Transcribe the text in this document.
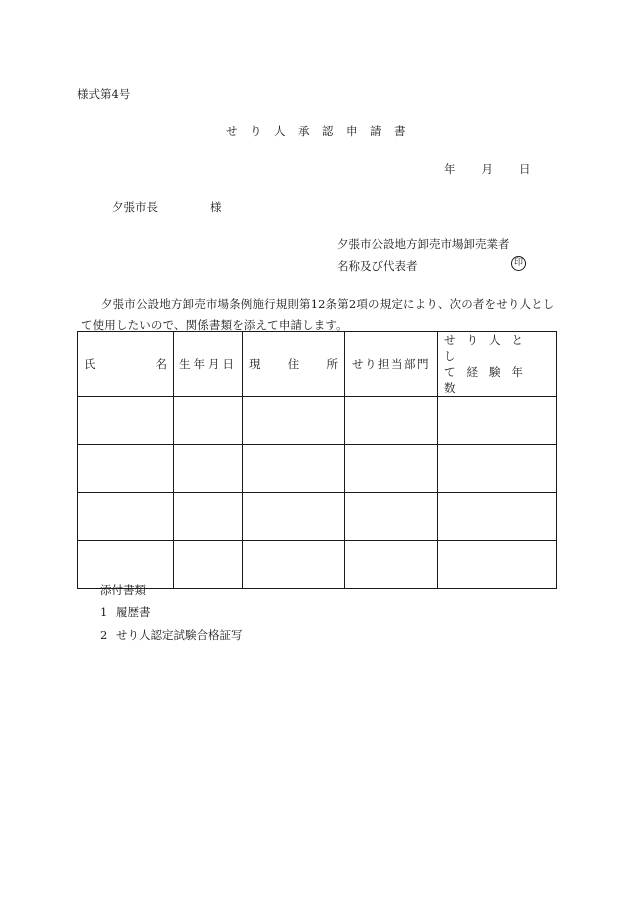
様式第4号
せり人承認申請書
年 月 日
夕張市長	様
夕張市公設地方卸売市場卸売業者
名称及び代表者	印
夕張市公設地方卸売市場条例施行規則第12条第2項の規定により、次の者をせり人として使用したいので、関係書類を添えて申請します。
氏 名	生年月日	現 住 所	せり担当部門	せり人とし
て経験年数

添付書類
1 履歴書
2 せり人認定試験合格証写
